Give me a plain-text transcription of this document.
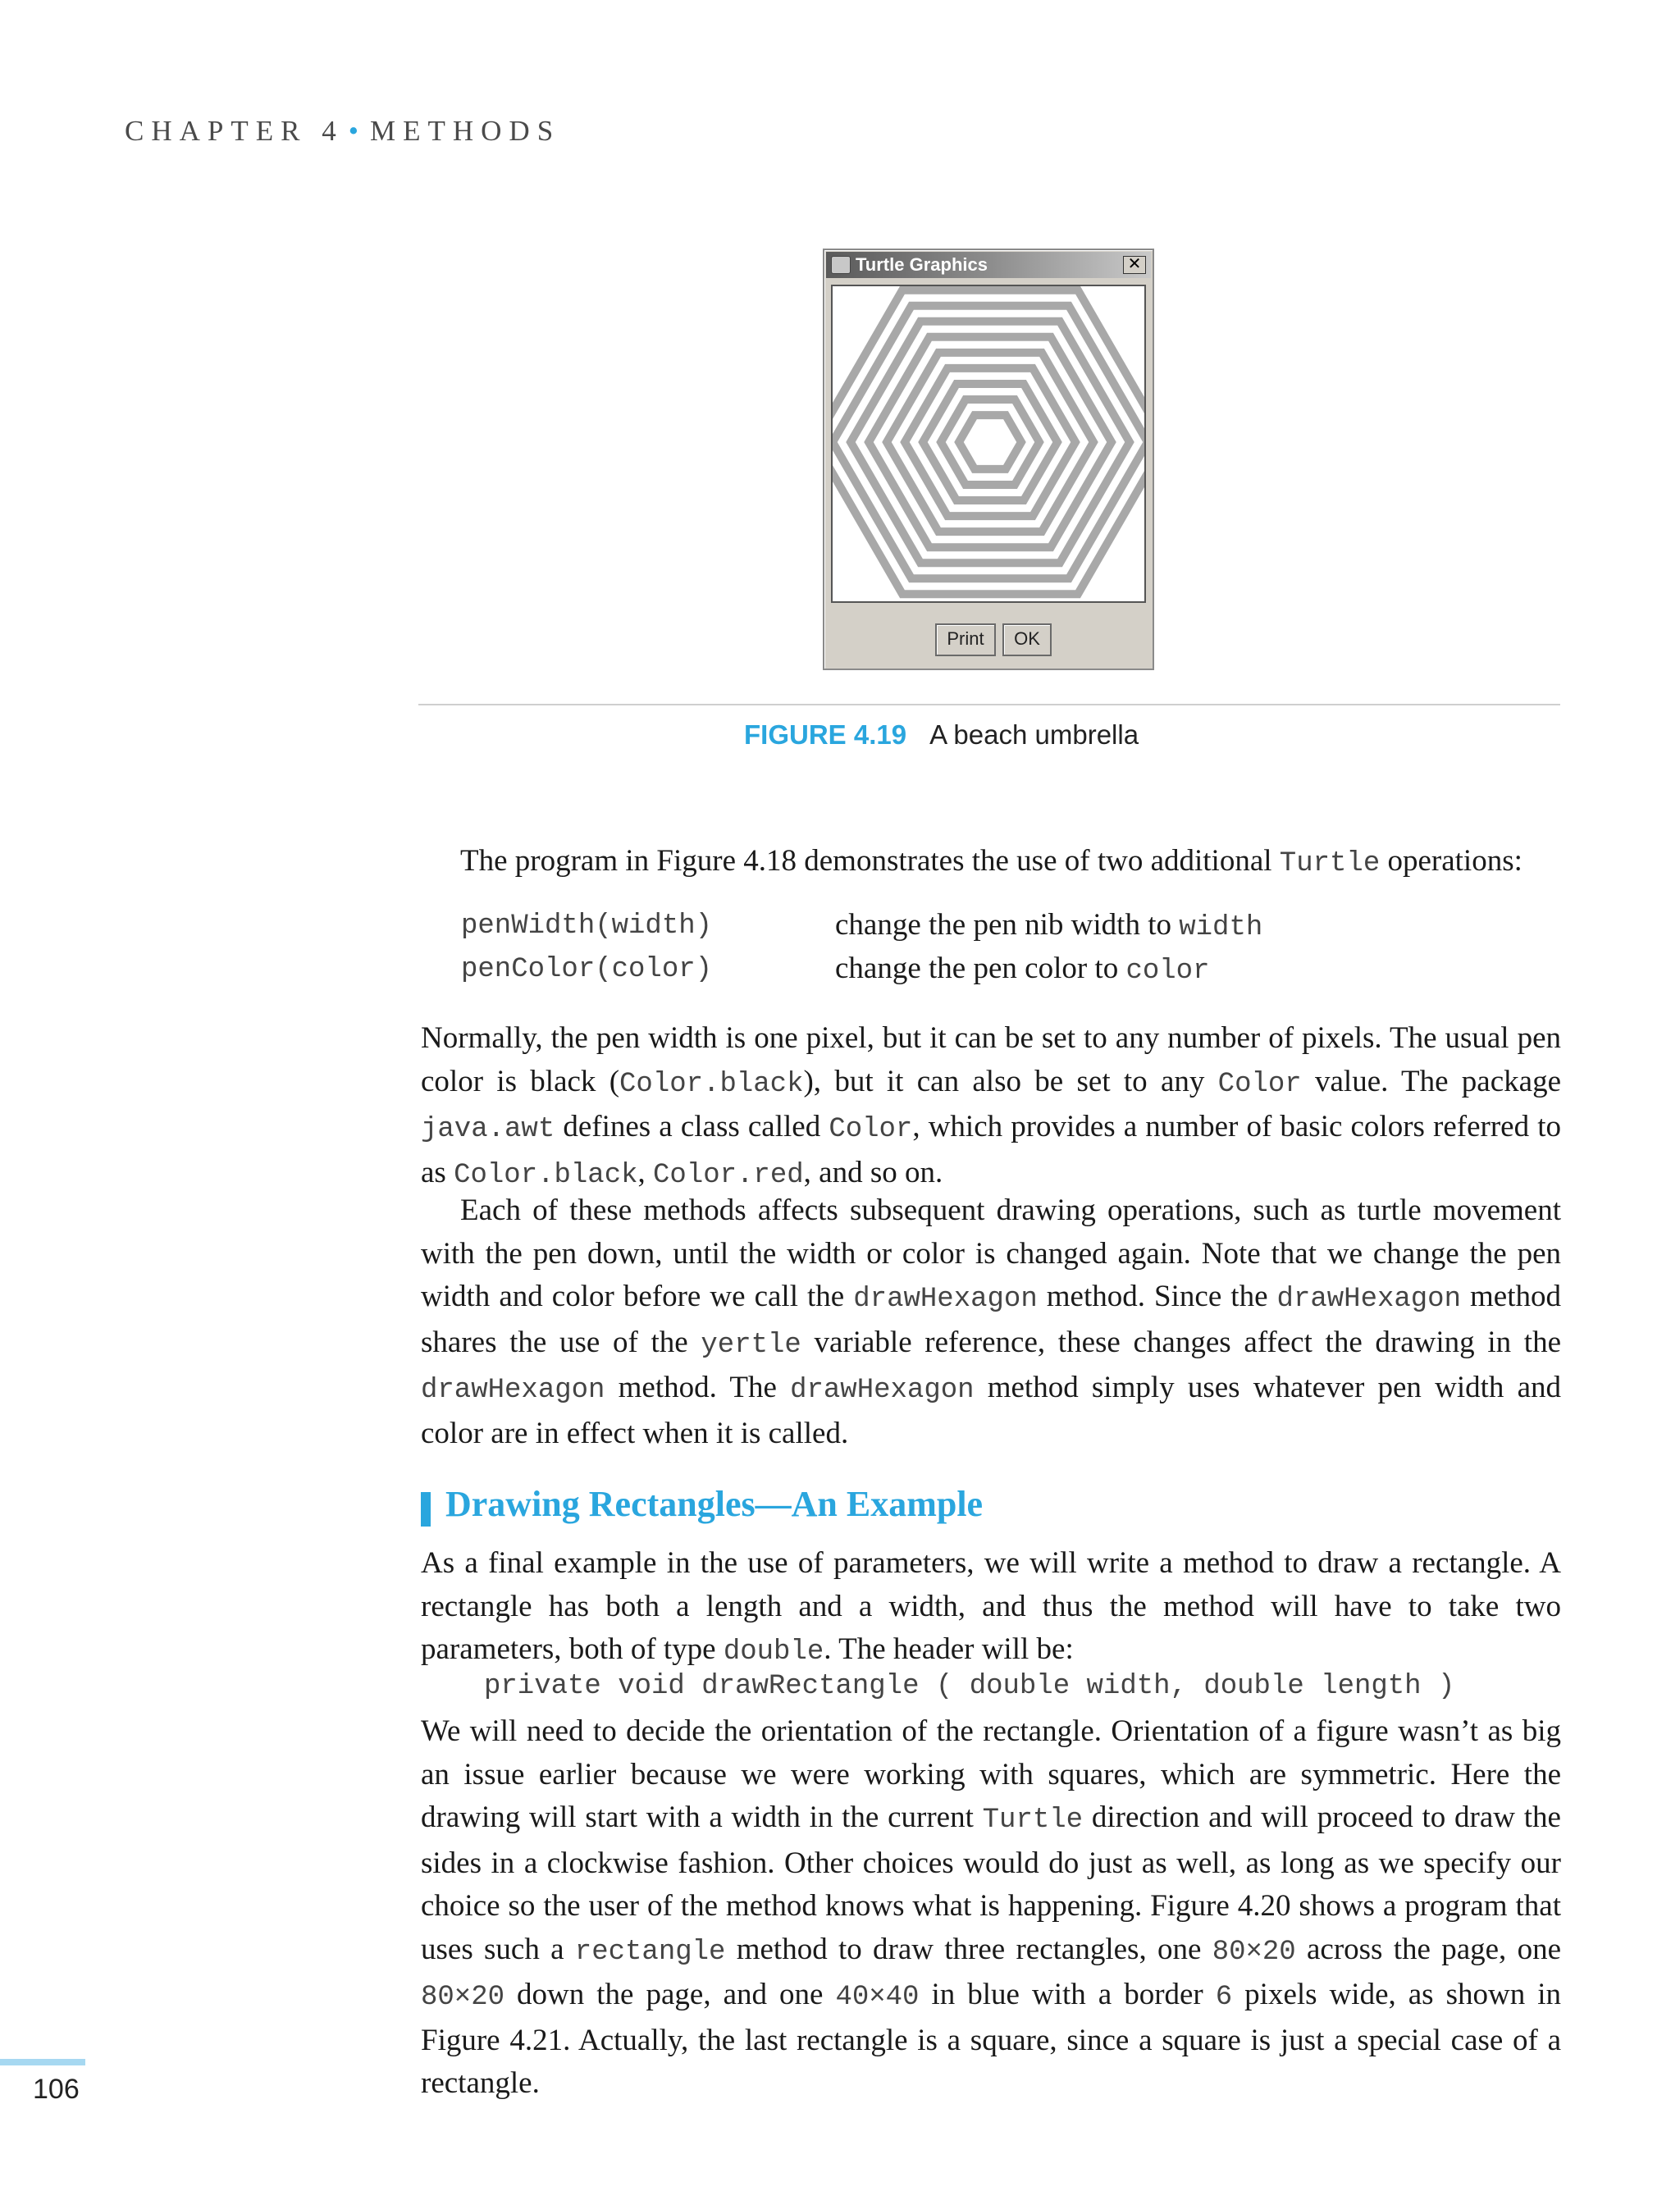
CHAPTER 4 • METHODS
Turtle Graphics	✕
Print	OK
FIGURE 4.19 A beach umbrella
The program in Figure 4.18 demonstrates the use of two additional Turtle operations:
penWidth(width)	change the pen nib width to width
penColor(color)	change the pen color to color
Normally, the pen width is one pixel, but it can be set to any number of pixels. The usual pen color is black (Color.black), but it can also be set to any Color value. The package java.awt defines a class called Color, which provides a number of basic colors referred to as Color.black, Color.red, and so on.
Each of these methods affects subsequent drawing operations, such as turtle movement with the pen down, until the width or color is changed again. Note that we change the pen width and color before we call the drawHexagon method. Since the drawHexagon method shares the use of the yertle variable reference, these changes affect the drawing in the drawHexagon method. The drawHexagon method simply uses whatever pen width and color are in effect when it is called.
Drawing Rectangles—An Example
As a final example in the use of parameters, we will write a method to draw a rectangle. A rectangle has both a length and a width, and thus the method will have to take two parameters, both of type double. The header will be:
private void drawRectangle ( double width, double length )
We will need to decide the orientation of the rectangle. Orientation of a figure wasn’t as big an issue earlier because we were working with squares, which are symmetric. Here the drawing will start with a width in the current Turtle direction and will proceed to draw the sides in a clockwise fashion. Other choices would do just as well, as long as we specify our choice so the user of the method knows what is happening. Figure 4.20 shows a program that uses such a rectangle method to draw three rectangles, one 80×20 across the page, one 80×20 down the page, and one 40×40 in blue with a border 6 pixels wide, as shown in Figure 4.21. Actually, the last rectangle is a square, since a square is just a special case of a rectangle.
106
